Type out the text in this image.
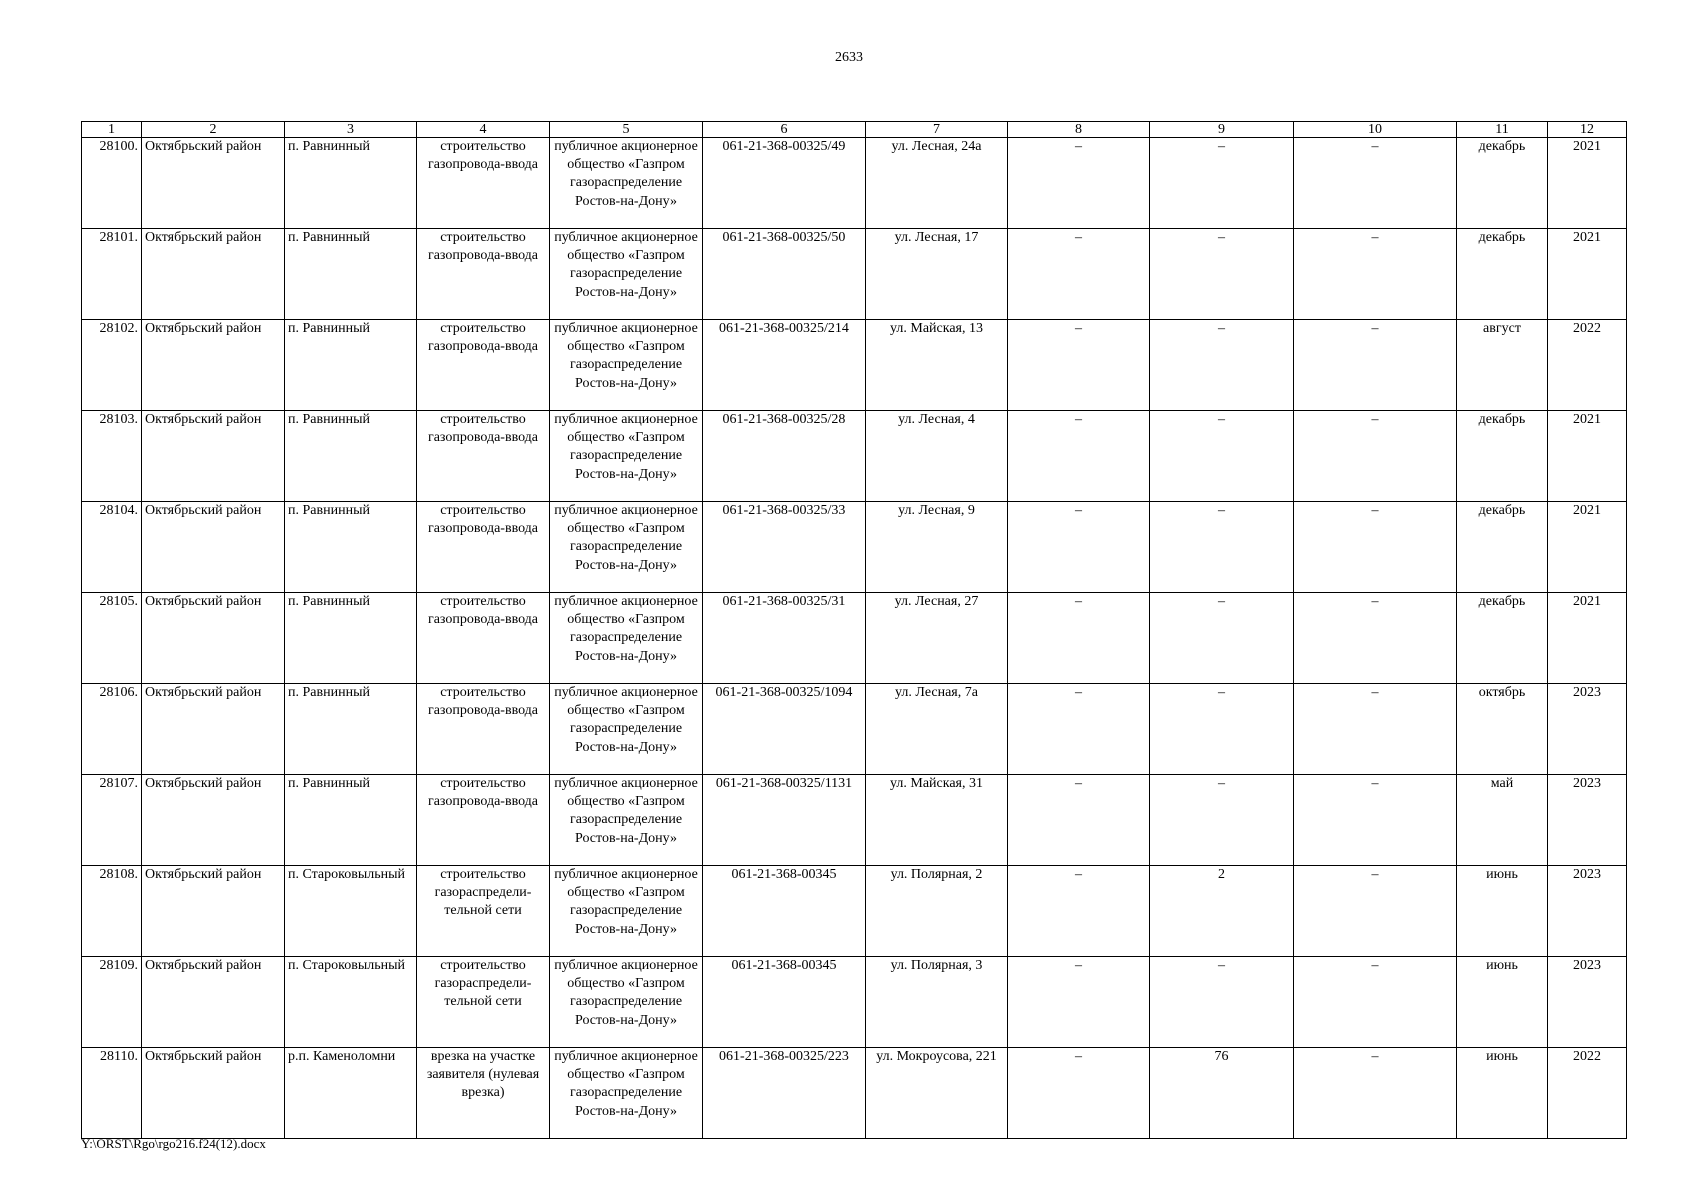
2633
1	2	3	4	5	6	7	8	9	10	11	12
28100.	Октябрьский район	п. Равнинный	строительство газопровода-ввода	публичное акционерное общество «Газпром газораспределение Ростов-на-Дону»	061-21-368-00325/49	ул. Лесная, 24а	–	–	–	декабрь	2021
28101.	Октябрьский район	п. Равнинный	строительство газопровода-ввода	публичное акционерное общество «Газпром газораспределение Ростов-на-Дону»	061-21-368-00325/50	ул. Лесная, 17	–	–	–	декабрь	2021
28102.	Октябрьский район	п. Равнинный	строительство газопровода-ввода	публичное акционерное общество «Газпром газораспределение Ростов-на-Дону»	061-21-368-00325/214	ул. Майская, 13	–	–	–	август	2022
28103.	Октябрьский район	п. Равнинный	строительство газопровода-ввода	публичное акционерное общество «Газпром газораспределение Ростов-на-Дону»	061-21-368-00325/28	ул. Лесная, 4	–	–	–	декабрь	2021
28104.	Октябрьский район	п. Равнинный	строительство газопровода-ввода	публичное акционерное общество «Газпром газораспределение Ростов-на-Дону»	061-21-368-00325/33	ул. Лесная, 9	–	–	–	декабрь	2021
28105.	Октябрьский район	п. Равнинный	строительство газопровода-ввода	публичное акционерное общество «Газпром газораспределение Ростов-на-Дону»	061-21-368-00325/31	ул. Лесная, 27	–	–	–	декабрь	2021
28106.	Октябрьский район	п. Равнинный	строительство газопровода-ввода	публичное акционерное общество «Газпром газораспределение Ростов-на-Дону»	061-21-368-00325/1094	ул. Лесная, 7а	–	–	–	октябрь	2023
28107.	Октябрьский район	п. Равнинный	строительство газопровода-ввода	публичное акционерное общество «Газпром газораспределение Ростов-на-Дону»	061-21-368-00325/1131	ул. Майская, 31	–	–	–	май	2023
28108.	Октябрьский район	п. Староковыльный	строительство газораспредели-тельной сети	публичное акционерное общество «Газпром газораспределение Ростов-на-Дону»	061-21-368-00345	ул. Полярная, 2	–	2	–	июнь	2023
28109.	Октябрьский район	п. Староковыльный	строительство газораспредели-тельной сети	публичное акционерное общество «Газпром газораспределение Ростов-на-Дону»	061-21-368-00345	ул. Полярная, 3	–	–	–	июнь	2023
28110.	Октябрьский район	р.п. Каменоломни	врезка на участке заявителя (нулевая врезка)	публичное акционерное общество «Газпром газораспределение Ростов-на-Дону»	061-21-368-00325/223	ул. Мокроусова, 221	–	76	–	июнь	2022
Y:\ORST\Rgo\rgo216.f24(12).docx
